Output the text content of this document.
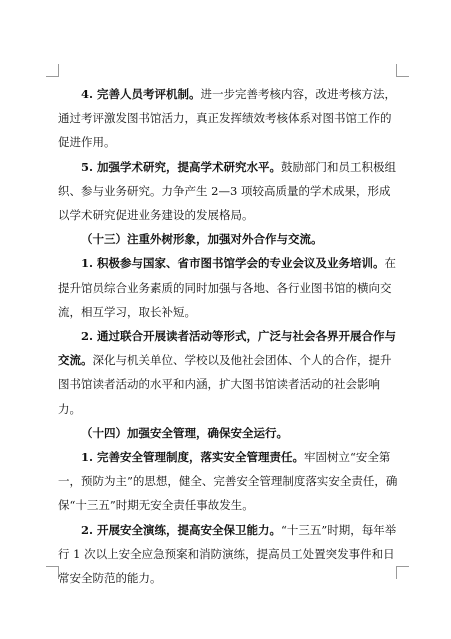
4. 完善人员考评机制。进一步完善考核内容，改进考核方法，通过考评激发图书馆活力，真正发挥绩效考核体系对图书馆工作的促进作用。

5. 加强学术研究，提高学术研究水平。鼓励部门和员工积极组织、参与业务研究。力争产生 2—3 项较高质量的学术成果，形成以学术研究促进业务建设的发展格局。

（十三）注重外树形象，加强对外合作与交流。

1. 积极参与国家、省市图书馆学会的专业会议及业务培训。在提升馆员综合业务素质的同时加强与各地、各行业图书馆的横向交流，相互学习，取长补短。

2. 通过联合开展读者活动等形式，广泛与社会各界开展合作与交流。深化与机关单位、学校以及他社会团体、个人的合作，提升图书馆读者活动的水平和内涵，扩大图书馆读者活动的社会影响力。

（十四）加强安全管理，确保安全运行。

1. 完善安全管理制度，落实安全管理责任。牢固树立“安全第一，预防为主”的思想，健全、完善安全管理制度落实安全责任，确保“十三五”时期无安全责任事故发生。

2. 开展安全演练，提高安全保卫能力。“十三五”时期，每年举行 1 次以上安全应急预案和消防演练，提高员工处置突发事件和日常安全防范的能力。
